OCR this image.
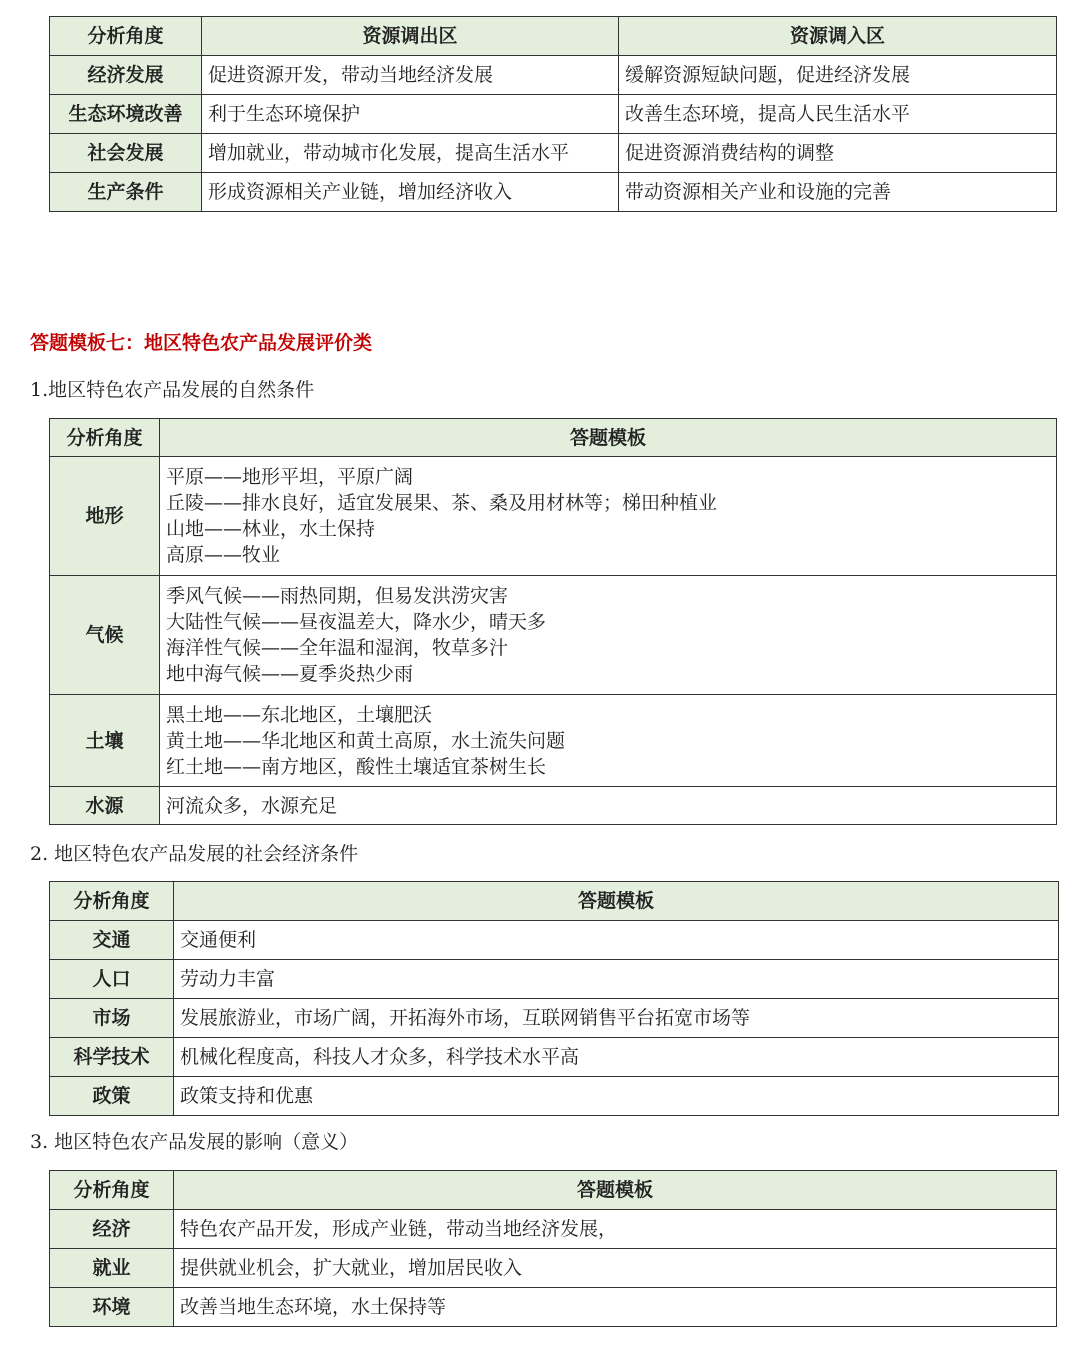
分析角度	资源调出区	资源调入区
经济发展	促进资源开发，带动当地经济发展	缓解资源短缺问题，促进经济发展
生态环境改善	利于生态环境保护	改善生态环境，提高人民生活水平
社会发展	增加就业，带动城市化发展，提高生活水平	促进资源消费结构的调整
生产条件	形成资源相关产业链，增加经济收入	带动资源相关产业和设施的完善

答题模板七：地区特色农产品发展评价类

1.地区特色农产品发展的自然条件

分析角度	答题模板
地形	平原——地形平坦，平原广阔
丘陵——排水良好，适宜发展果、茶、桑及用材林等；梯田种植业
山地——林业，水土保持
高原——牧业

气候	季风气候——雨热同期，但易发洪涝灾害
大陆性气候——昼夜温差大，降水少，晴天多
海洋性气候——全年温和湿润，牧草多汁
地中海气候——夏季炎热少雨

土壤	黑土地——东北地区，土壤肥沃
黄土地——华北地区和黄土高原，水土流失问题
红土地——南方地区，酸性土壤适宜茶树生长

水源	河流众多，水源充足

2. 地区特色农产品发展的社会经济条件

分析角度	答题模板
交通	交通便利
人口	劳动力丰富
市场	发展旅游业，市场广阔，开拓海外市场，互联网销售平台拓宽市场等
科学技术	机械化程度高，科技人才众多，科学技术水平高
政策	政策支持和优惠

3. 地区特色农产品发展的影响（意义）

分析角度	答题模板
经济	特色农产品开发，形成产业链，带动当地经济发展，
就业	提供就业机会，扩大就业，增加居民收入
环境	改善当地生态环境，水土保持等
